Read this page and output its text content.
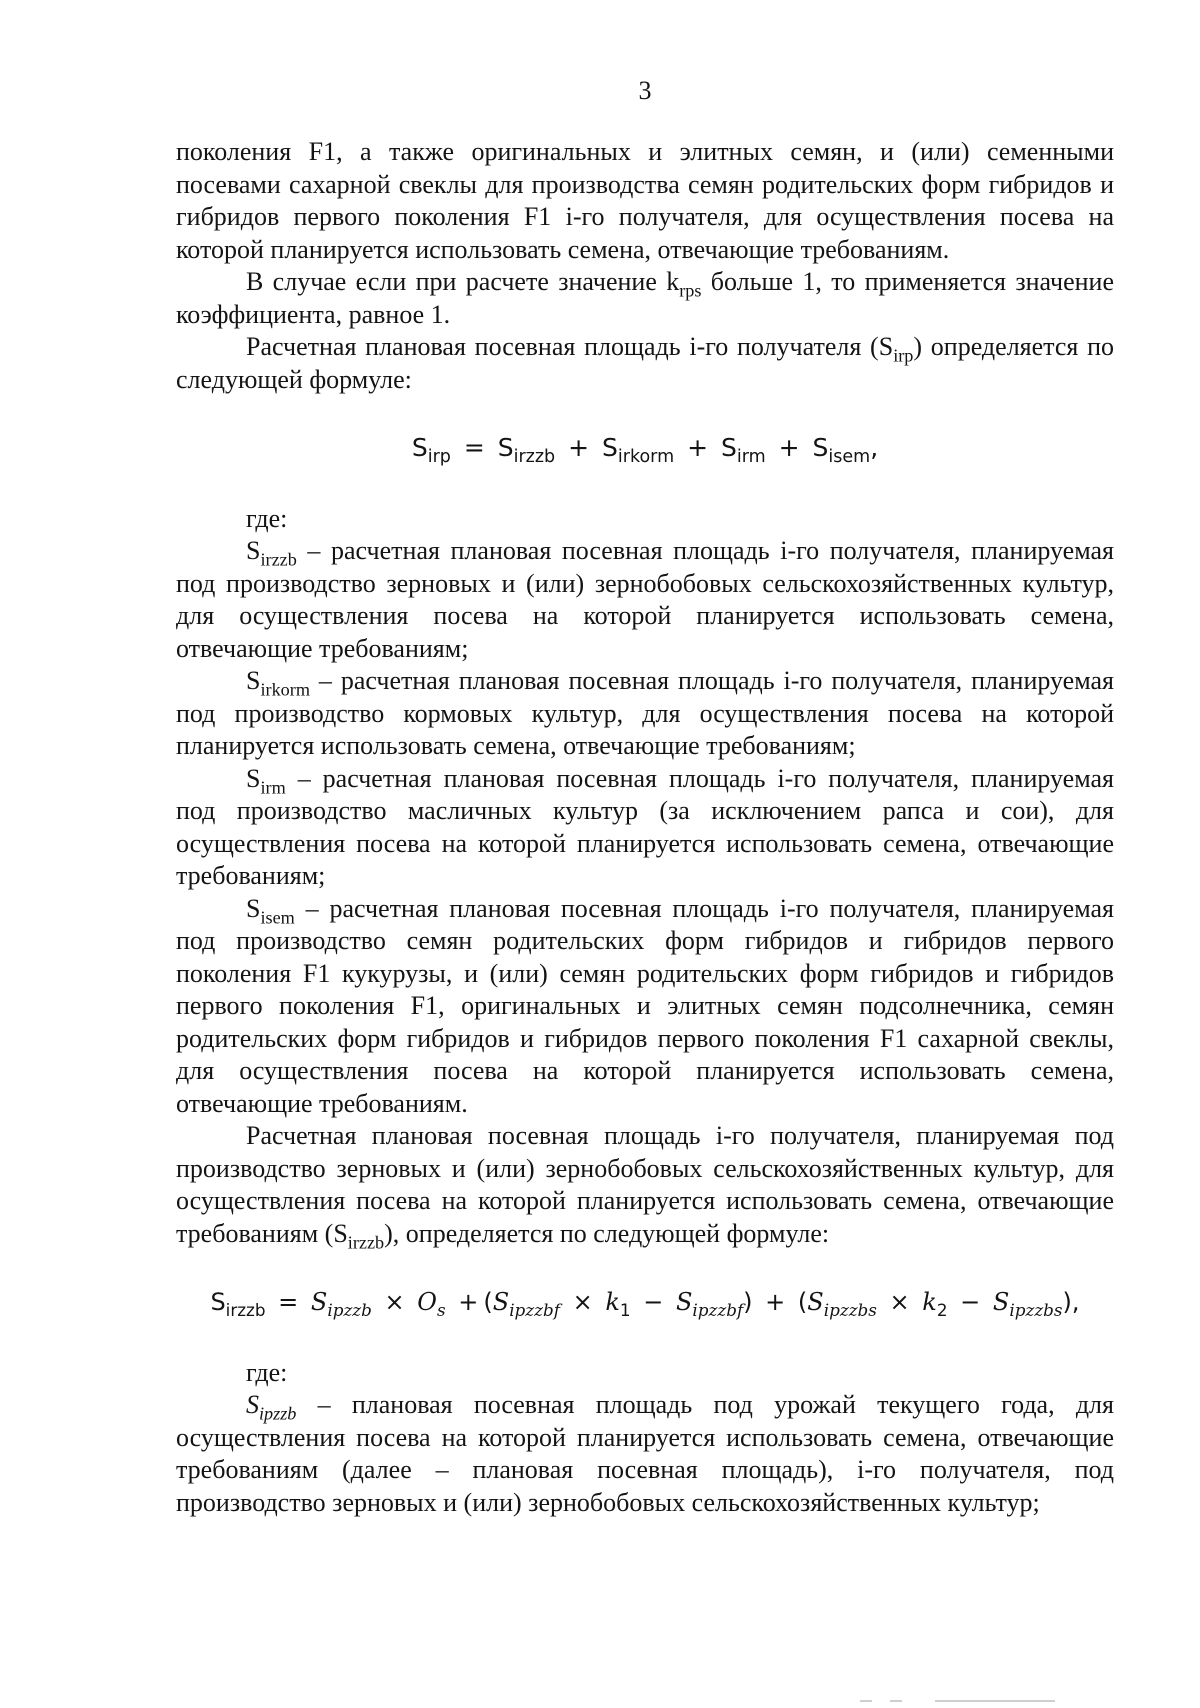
3

поколения F1, а также оригинальных и элитных семян, и (или) семенными посевами сахарной свеклы для производства семян родительских форм гибридов и гибридов первого поколения F1 i-го получателя, для осуществления посева на которой планируется использовать семена, отвечающие требованиям.

В случае если при расчете значение $k_{rps}$ больше 1, то применяется значение коэффициента, равное 1.

Расчетная плановая посевная площадь i-го получателя $(S_{irp})$ определяется по следующей формуле:

$S_{irp} = S_{irzzb} + S_{irkorm} + S_{irm} + S_{isem}$,

где:

$S_{irzzb}$ – расчетная плановая посевная площадь i-го получателя, планируемая под производство зерновых и (или) зернобобовых сельскохозяйственных культур, для осуществления посева на которой планируется использовать семена, отвечающие требованиям;

$S_{irkorm}$ – расчетная плановая посевная площадь i-го получателя, планируемая под производство кормовых культур, для осуществления посева на которой планируется использовать семена, отвечающие требованиям;

$S_{irm}$ – расчетная плановая посевная площадь i-го получателя, планируемая под производство масличных культур (за исключением рапса и сои), для осуществления посева на которой планируется использовать семена, отвечающие требованиям;

$S_{isem}$ – расчетная плановая посевная площадь i-го получателя, планируемая под производство семян родительских форм гибридов и гибридов первого поколения F1 кукурузы, и (или) семян родительских форм гибридов и гибридов первого поколения F1, оригинальных и элитных семян подсолнечника, семян родительских форм гибридов и гибридов первого поколения F1 сахарной свеклы, для осуществления посева на которой планируется использовать семена, отвечающие требованиям.

Расчетная плановая посевная площадь i-го получателя, планируемая под производство зерновых и (или) зернобобовых сельскохозяйственных культур, для осуществления посева на которой планируется использовать семена, отвечающие требованиям $(S_{irzzb})$, определяется по следующей формуле:

$S_{irzzb} = S_{ipzzb} \times O_s + (S_{ipzzbf} \times k_1 - S_{ipzzbf}) + (S_{ipzzbs} \times k_2 - S_{ipzzbs})$,

где:

$S_{ipzzb}$ – плановая посевная площадь под урожай текущего года, для осуществления посева на которой планируется использовать семена, отвечающие требованиям (далее – плановая посевная площадь), i-го получателя, под производство зерновых и (или) зернобобовых сельскохозяйственных культур;
